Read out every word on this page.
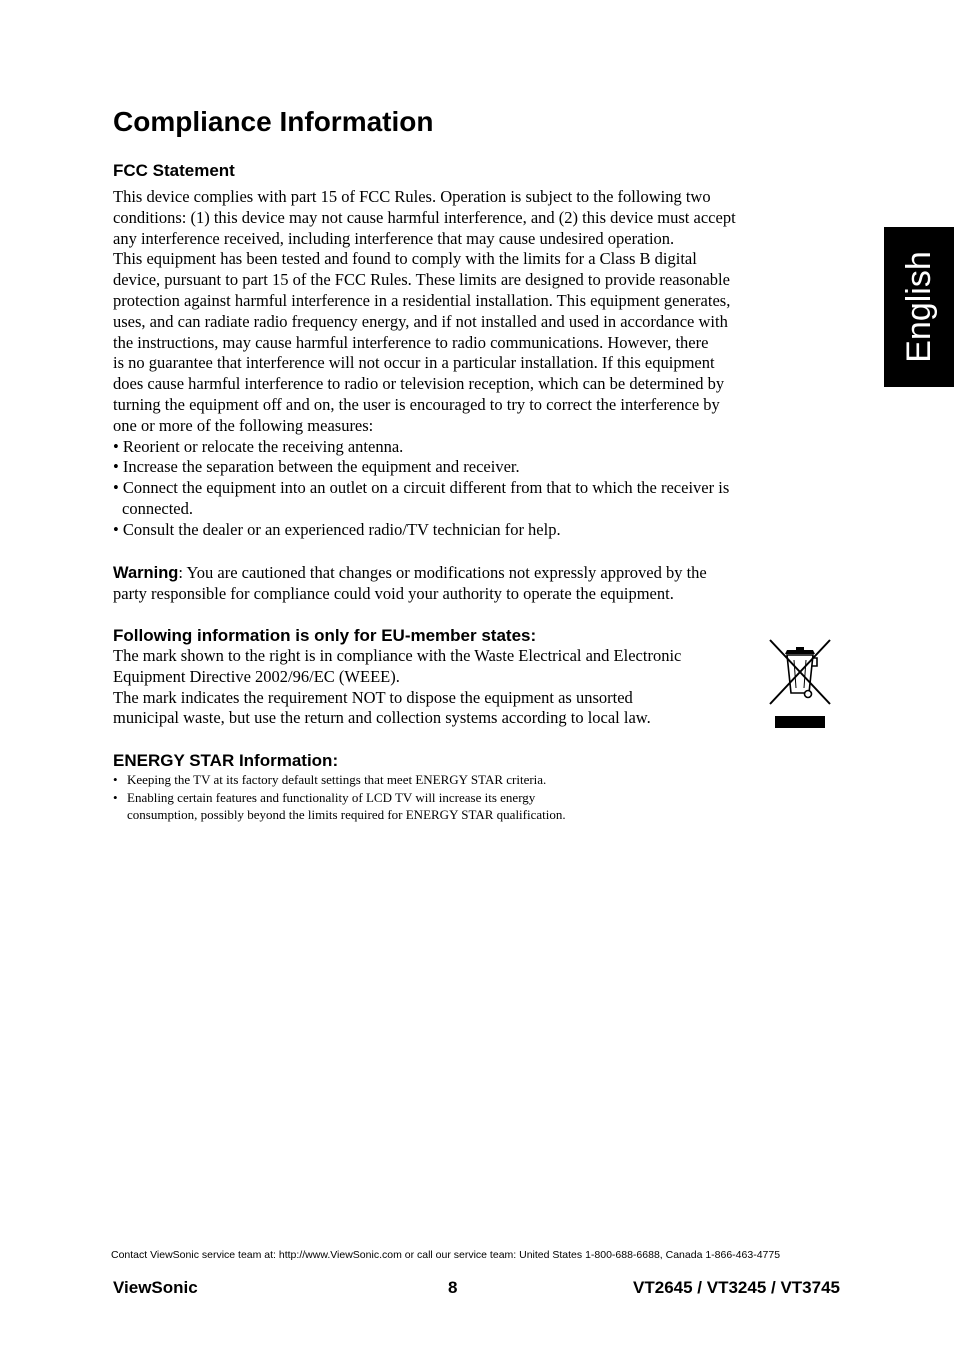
Compliance Information
English
FCC Statement
This device complies with part 15 of FCC Rules. Operation is subject to the following two
conditions: (1) this device may not cause harmful interference, and (2) this device must accept
any interference received, including interference that may cause undesired operation.
This equipment has been tested and found to comply with the limits for a Class B digital
device, pursuant to part 15 of the FCC Rules. These limits are designed to provide reasonable
protection against harmful interference in a residential installation. This equipment generates,
uses, and can radiate radio frequency energy, and if not installed and used in accordance with
the instructions, may cause harmful interference to radio communications. However, there
is no guarantee that interference will not occur in a particular installation. If this equipment
does cause harmful interference to radio or television reception, which can be determined by
turning the equipment off and on, the user is encouraged to try to correct the interference by
one or more of the following measures:
• Reorient or relocate the receiving antenna.
• Increase the separation between the equipment and receiver.
• Connect the equipment into an outlet on a circuit different from that to which the receiver is
connected.
• Consult the dealer or an experienced radio/TV technician for help.
Warning: You are cautioned that changes or modifications not expressly approved by the
party responsible for compliance could void your authority to operate the equipment.
Following information is only for EU-member states:
The mark shown to the right is in compliance with the Waste Electrical and Electronic
Equipment Directive 2002/96/EC (WEEE).
The mark indicates the requirement NOT to dispose the equipment as unsorted
municipal waste, but use the return and collection systems according to local law.
ENERGY STAR Information:
• Keeping the TV at its factory default settings that meet ENERGY STAR criteria.
• Enabling certain features and functionality of LCD TV will increase its energy
consumption, possibly beyond the limits required for ENERGY STAR qualification.

Contact ViewSonic service team at: http://www.ViewSonic.com or call our service team: United States 1-800-688-6688, Canada 1-866-463-4775

ViewSonic	8	VT2645 / VT3245 / VT3745
